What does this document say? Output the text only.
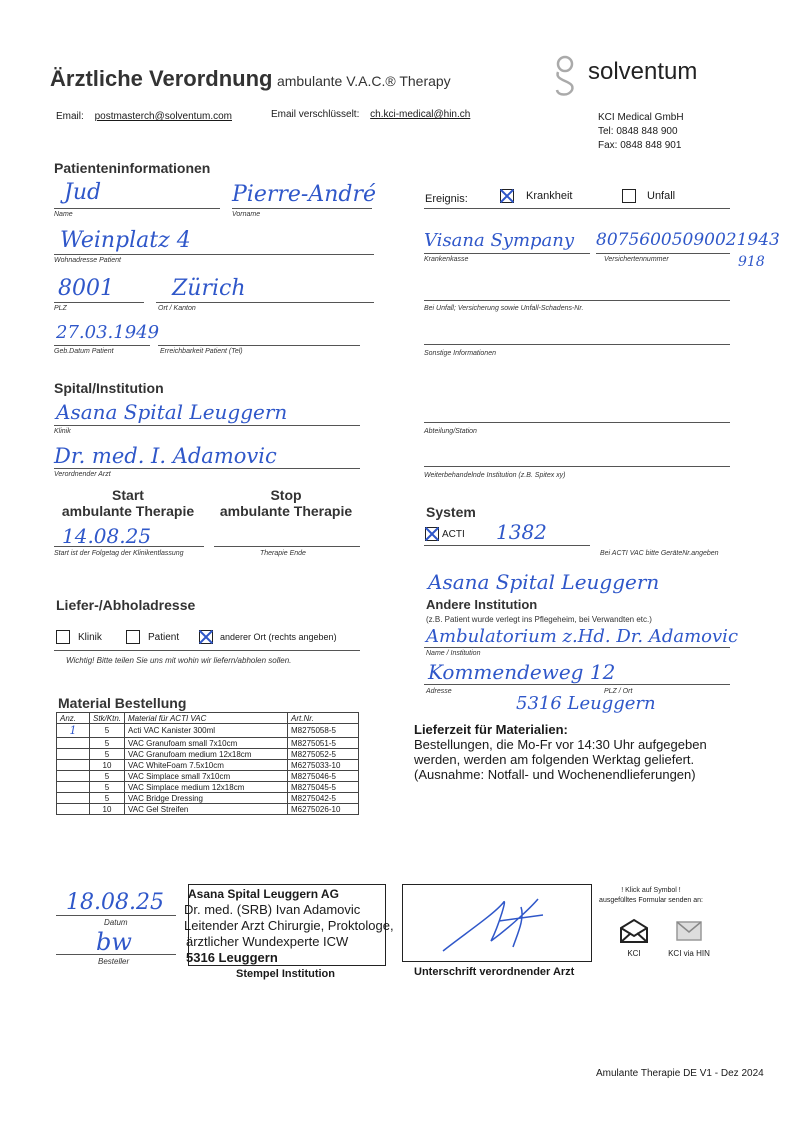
Ärztliche Verordnung ambulante V.A.C.® Therapy	solventum
Email: postmasterch@solventum.com	Email verschlüsselt: ch.kci-medical@hin.ch	KCI Medical GmbH
Tel: 0848 848 900
Fax: 0848 848 901
Patienteninformationen
Jud
Name
Pierre-André
Vorname
Weinplatz 4
Wohnadresse Patient
8001
PLZ
Zürich
Ort / Kanton
27.03.1949
Geb.Datum Patient	Erreichbarkeit Patient (Tel)
Ereignis:	Krankheit	Unfall
Visana Sympany
Krankenkasse
80756005090021943
918
Versichertennummer
Bei Unfall; Versicherung sowie Unfall-Schadens-Nr.
Sonstige Informationen
Spital/Institution
Asana Spital Leuggern
Klinik
Dr. med. I. Adamovic
Verordnender Arzt
Abteilung/Station
Weiterbehandelnde Institution (z.B. Spitex xy)
Start
ambulante Therapie
Stop
ambulante Therapie
14.08.25
Start ist der Folgetag der Klinikentlassung	Therapie Ende
System
ACTI 1382
Bei ACTI VAC bitte GeräteNr.angeben
Liefer-/Abholadresse
Klinik	Patient	anderer Ort (rechts angeben)
Wichtig! Bitte teilen Sie uns mit wohin wir liefern/abholen sollen.
Asana Spital Leuggern
Andere Institution
(z.B. Patient wurde verlegt ins Pflegeheim, bei Verwandten etc.)
Ambulatorium z.Hd. Dr. Adamovic
Name / Institution
Kommendeweg 12
Adresse	PLZ / Ort
5316 Leuggern
Material Bestellung
Anz.	Stk/Ktn.	Material für ACTI VAC	Art.Nr.
1	5	Acti VAC Kanister 300ml	M8275058-5
	5	VAC Granufoam small 7x10cm	M8275051-5
	5	VAC Granufoam medium 12x18cm	M8275052-5
	10	VAC WhiteFoam 7.5x10cm	M6275033-10
	5	VAC Simplace small 7x10cm	M8275046-5
	5	VAC Simplace medium 12x18cm	M8275045-5
	5	VAC Bridge Dressing	M8275042-5
	10	VAC Gel Streifen	M6275026-10
Lieferzeit für Materialien:
Bestellungen, die Mo-Fr vor 14:30 Uhr aufgegeben
werden, werden am folgenden Werktag geliefert.
(Ausnahme: Notfall- und Wochenendlieferungen)
18.08.25
Datum
bw
Besteller
Asana Spital Leuggern AG
Dr. med. (SRB) Ivan Adamovic
Leitender Arzt Chirurgie, Proktologe,
ärztlicher Wundexperte ICW
5316 Leuggern
Stempel Institution	Unterschrift verordnender Arzt
! Klick auf Symbol !
ausgefülltes Formular senden an:
KCI	KCI via HIN
Amulante Therapie DE V1 - Dez 2024
